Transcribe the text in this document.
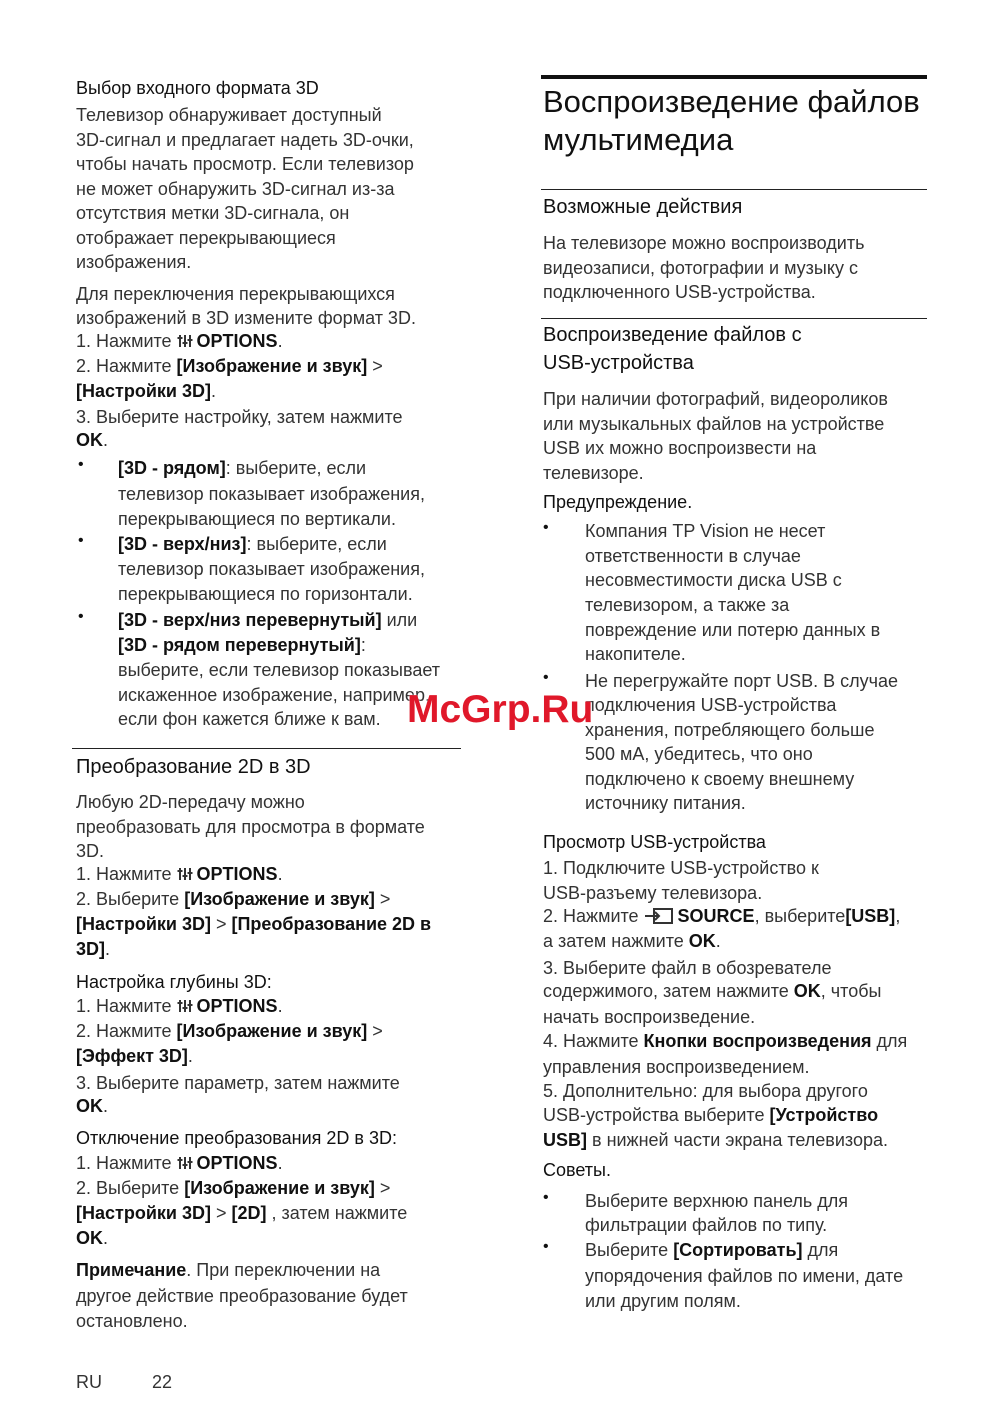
Выбор входного формата 3D
Телевизор обнаруживает доступный
3D-сигнал и предлагает надеть 3D-очки,
чтобы начать просмотр. Если телевизор
не может обнаружить 3D-сигнал из-за
отсутствия метки 3D-сигнала, он
отображает перекрывающиеся
изображения.
Для переключения перекрывающихся
изображений в 3D измените формат 3D.
1. Нажмите OPTIONS.
2. Нажмите [Изображение и звук] >
[Настройки 3D].
3. Выберите настройку, затем нажмите
OK.
• [3D - рядом]: выберите, если
телевизор показывает изображения,
перекрывающиеся по вертикали.
• [3D - верх/низ]: выберите, если
телевизор показывает изображения,
перекрывающиеся по горизонтали.
• [3D - верх/низ перевернутый] или
[3D - рядом перевернутый]:
выберите, если телевизор показывает
искаженное изображение, например,
если фон кажется ближе к вам.
Преобразование 2D в 3D
Любую 2D-передачу можно
преобразовать для просмотра в формате
3D.
1. Нажмите OPTIONS.
2. Выберите [Изображение и звук] >
[Настройки 3D] > [Преобразование 2D в
3D].
Настройка глубины 3D:
1. Нажмите OPTIONS.
2. Нажмите [Изображение и звук] >
[Эффект 3D].
3. Выберите параметр, затем нажмите
OK.
Отключение преобразования 2D в 3D:
1. Нажмите OPTIONS.
2. Выберите [Изображение и звук] >
[Настройки 3D] > [2D] , затем нажмите
OK.
Примечание. При переключении на
другое действие преобразование будет
остановлено.
Воспроизведение файлов
мультимедиа
Возможные действия
На телевизоре можно воспроизводить
видеозаписи, фотографии и музыку с
подключенного USB-устройства.
Воспроизведение файлов с
USB-устройства
При наличии фотографий, видеороликов
или музыкальных файлов на устройстве
USB их можно воспроизвести на
телевизоре.
Предупреждение.
• Компания TP Vision не несет
ответственности в случае
несовместимости диска USB с
телевизором, а также за
повреждение или потерю данных в
накопителе.
• Не перегружайте порт USB. В случае
подключения USB-устройства
хранения, потребляющего больше
500 мА, убедитесь, что оно
подключено к своему внешнему
источнику питания.
Просмотр USB-устройства
1. Подключите USB-устройство к
USB-разъему телевизора.
2. Нажмите SOURCE, выберите[USB],
а затем нажмите OK.
3. Выберите файл в обозревателе
содержимого, затем нажмите OK, чтобы
начать воспроизведение.
4. Нажмите Кнопки воспроизведения для
управления воспроизведением.
5. Дополнительно: для выбора другого
USB-устройства выберите [Устройство
USB] в нижней части экрана телевизора.
Советы.
• Выберите верхнюю панель для
фильтрации файлов по типу.
• Выберите [Сортировать] для
упорядочения файлов по имени, дате
или другим полям.
RU	22
McGrp.Ru
